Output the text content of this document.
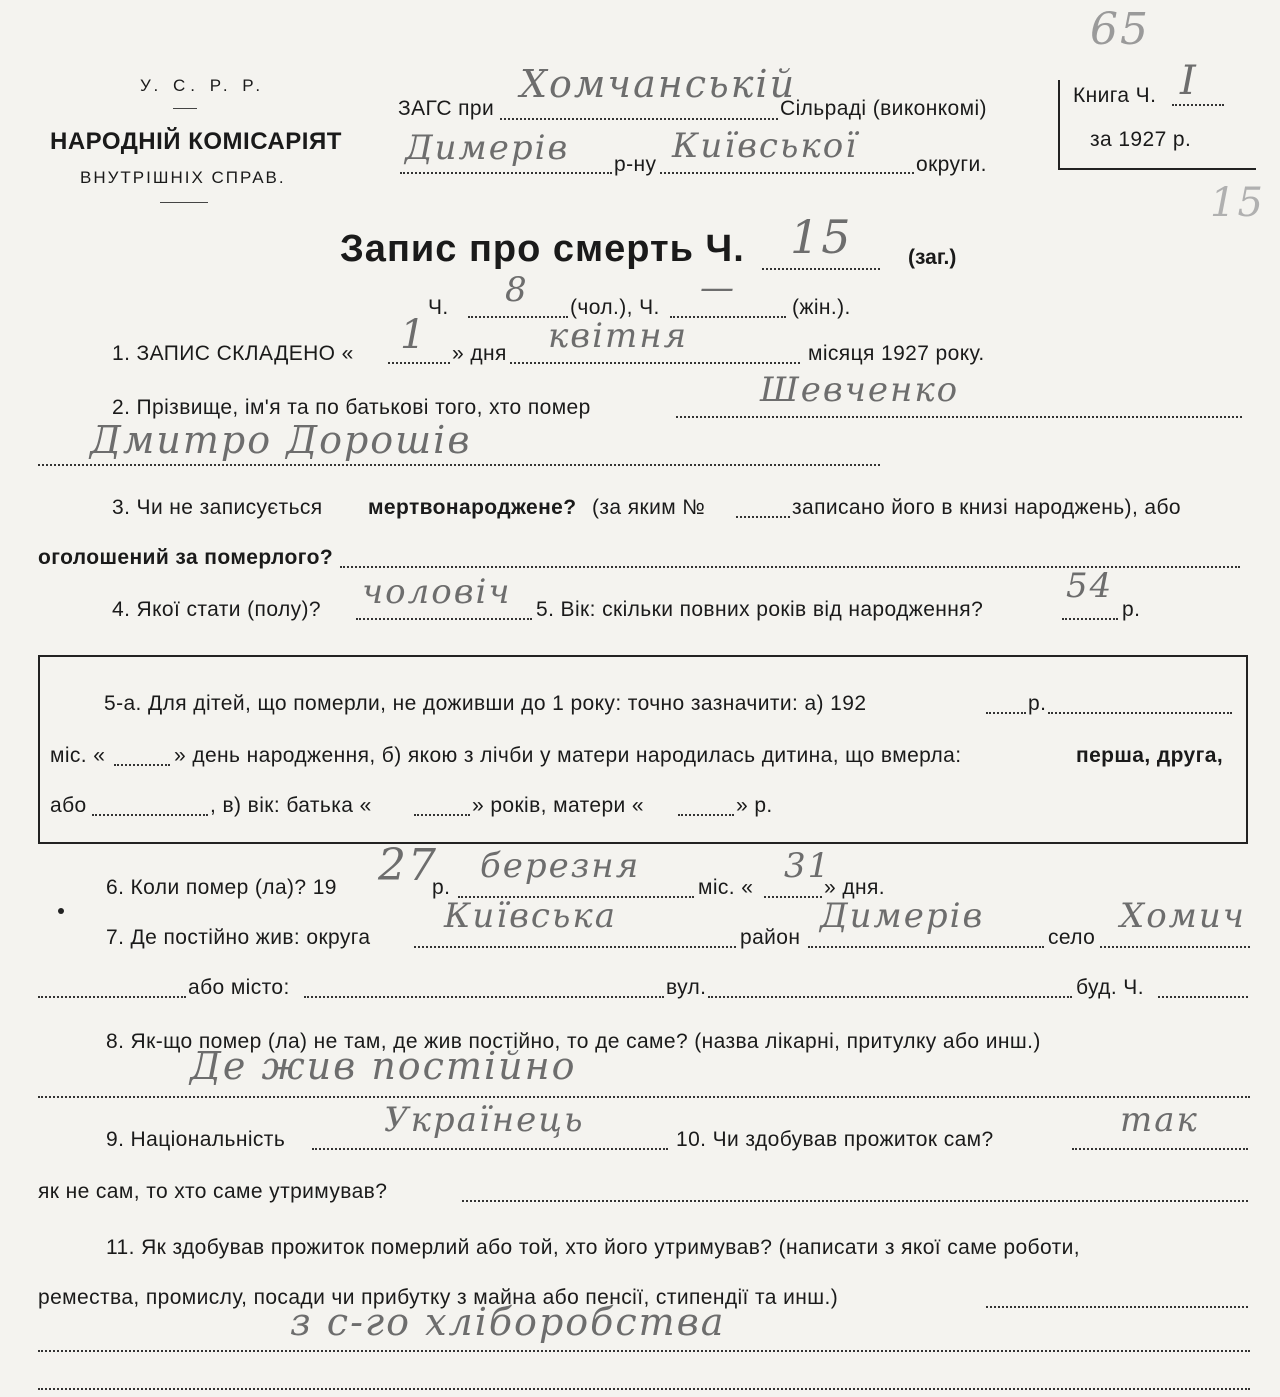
У. С. Р. Р.
НАРОДНІЙ КОМІСАРІЯТ
ВНУТРІШНІХ СПРАВ.
ЗАГС при
Хомчанській
Сільраді (виконкомі)
Димерів р-ну Київської	округи.
Книга Ч. I
за 1927 р.
65
15
Запис про смерть Ч. 15	(заг.)
Ч. 8 (чол.), Ч. —	(жін.).
1. ЗАПИС СКЛАДЕНО « 1 » дня квітня	місяця 1927 року.
2. Прізвище, ім'я та по батькові того, хто помер	Шевченко
Дмитро Дорошів
3. Чи не записується мертвонароджене? (за яким №	записано його в книзі народжень), або
оголошений за померлого?
4. Якої стати (полу)? чоловіч 5. Вік: скільки повних років від народження?
54
р.
5-а. Для дітей, що померли, не доживши до 1 року: точно зазначити: а) 192	р.
міс. «	» день народження, б) якою з лічби у матери народилась дитина, що вмерла:	перша, друга,
або	, в) вік: батька «	» років, матери «	» р.
6. Коли помер (ла)? 19 27
р.
березня
міс. «
31
» дня.
7. Де постійно жив: округа
Київська
район
Димерів
село
Хомич
або місто:	вул.	буд. Ч.
8. Як-що помер (ла) не там, де жив постійно, то де саме? (назва лікарні, притулку або инш.)
Де жив постійно
9. Національність	Українець	10. Чи здобував прожиток сам?	так
як не сам, то хто саме утримував?
11. Як здобував прожиток померлий або той, хто його утримував? (написати з якої саме роботи,
ремества, промислу, посади чи прибутку з майна або пенсії, стипендії та инш.)
з с-го хліборобства
